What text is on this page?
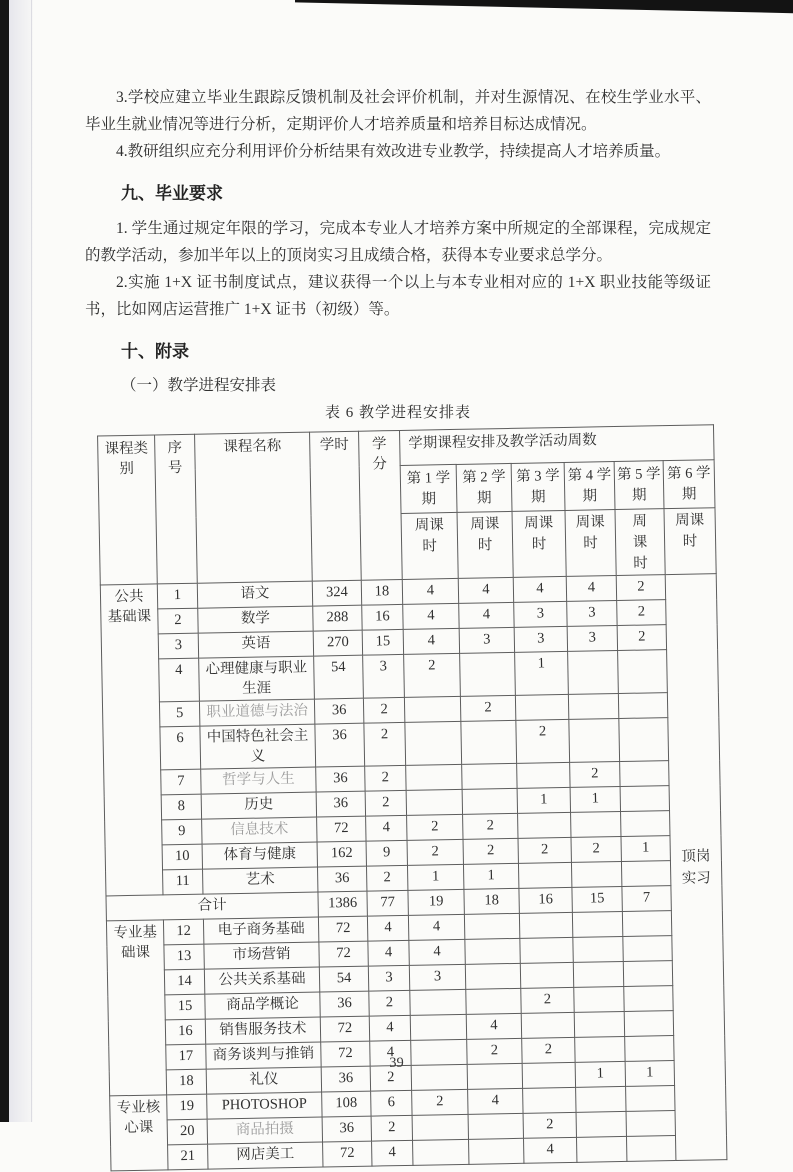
3.学校应建立毕业生跟踪反馈机制及社会评价机制，并对生源情况、在校生学业水平、毕业生就业情况等进行分析，定期评价人才培养质量和培养目标达成情况。

4.教研组织应充分利用评价分析结果有效改进专业教学，持续提高人才培养质量。

九、毕业要求

1. 学生通过规定年限的学习，完成本专业人才培养方案中所规定的全部课程，完成规定的教学活动，参加半年以上的顶岗实习且成绩合格，获得本专业要求总学分。

2.实施 1+X 证书制度试点，建议获得一个以上与本专业相对应的 1+X 职业技能等级证书，比如网店运营推广 1+X 证书（初级）等。

十、附录
（一）教学进程安排表
表 6 教学进程安排表
课程类别	序号	课程名称	学时	学分	学期课程安排及教学活动周数					
					第 1 学期	第 2 学期	第 3 学期	第 4 学期	第 5 学期	第 6 学期
					周课时	周课时	周课时	周课时	周课时	周课时
公共
基础课	1	语文	324	18	4	4	4	4	2	顶岗
实习
	2	数学	288	16	4	4	3	3	2	
	3	英语	270	15	4	3	3	3	2	
	4	心理健康与职业生涯	54	3	2		1			
	5	职业道德与法治	36	2		2				
	6	中国特色社会主义	36	2			2			
	7	哲学与人生	36	2				2		
	8	历史	36	2			1	1		
	9	信息技术	72	4	2	2				
	10	体育与健康	162	9	2	2	2	2	1	
	11	艺术	36	2	1	1				
合计			1386	77	19	18	16	15	7	
专业基
础课	12	电子商务基础	72	4	4					
	13	市场营销	72	4	4					
	14	公共关系基础	54	3	3					
	15	商品学概论	36	2			2			
	16	销售服务技术	72	4		4				
	17	商务谈判与推销	72	4		2	2			
	18	礼仪	36	2				1	1	
专业核
心课	19	PHOTOSHOP	108	6	2	4				
	20	商品拍摄	36	2			2			
	21	网店美工	72	4			4			
39
